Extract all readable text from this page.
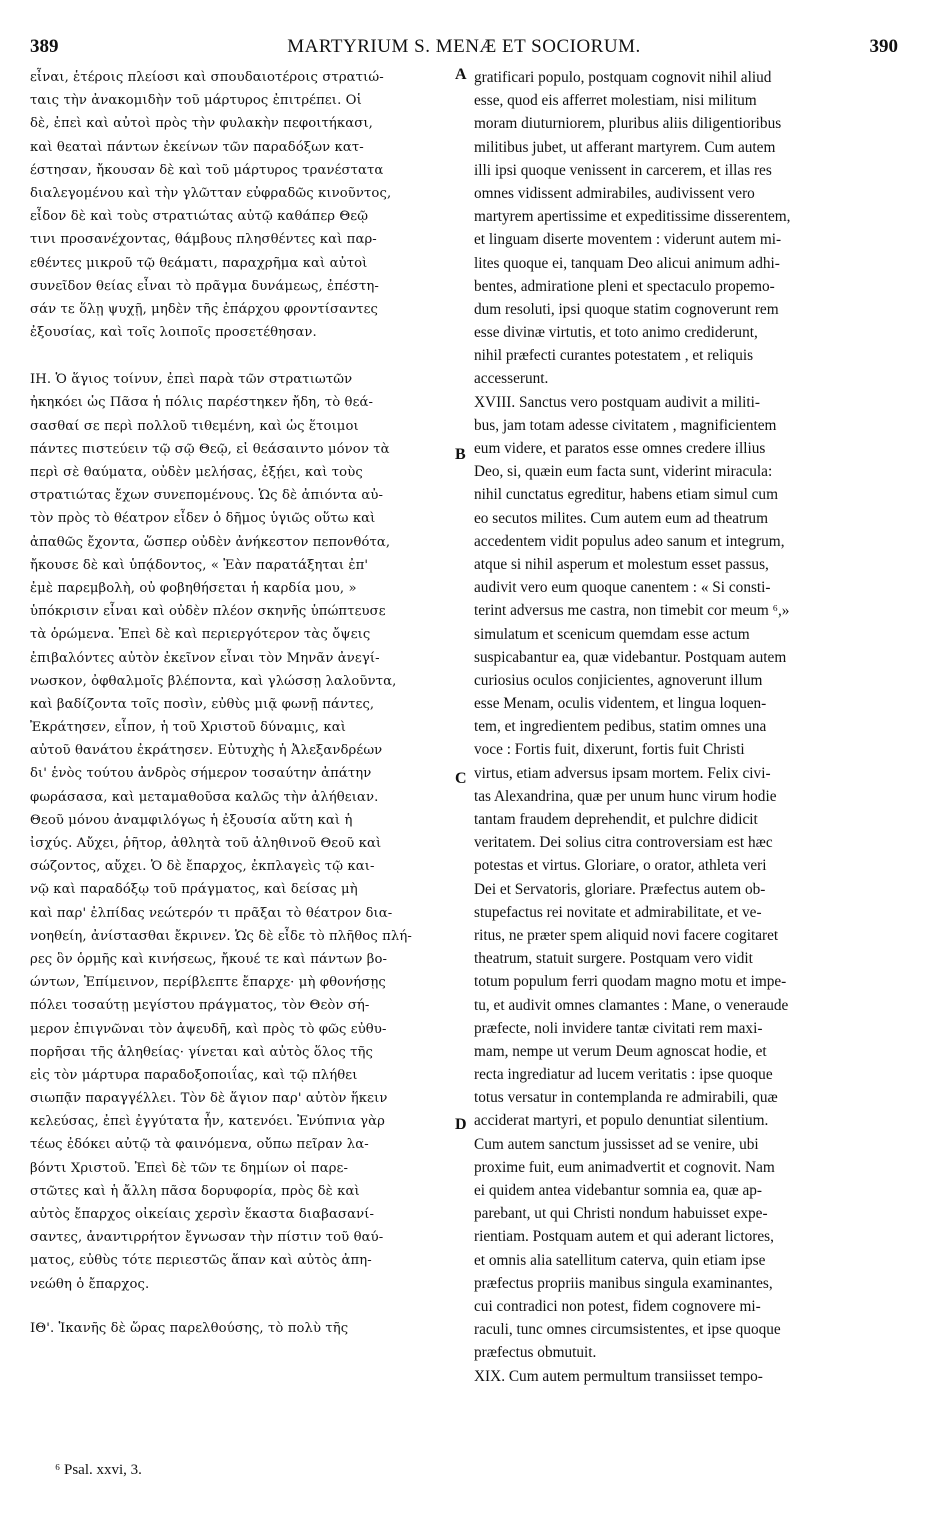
389	MARTYRIUM S. MENÆ ET SOCIORUM.	390
εἶναι, ἑτέροις πλείοσι καὶ σπουδαιοτέροις στρατιώ-
ταις τὴν ἀνακομιδὴν τοῦ μάρτυρος ἐπιτρέπει. Οἱ
δὲ, ἐπεὶ καὶ αὐτοὶ πρὸς τὴν φυλακὴν πεφοιτήκασι,
καὶ θεαταὶ πάντων ἐκείνων τῶν παραδόξων κατ-
έστησαν, ἤκουσαν δὲ καὶ τοῦ μάρτυρος τρανέστατα
διαλεγομένου καὶ τὴν γλῶτταν εὐφραδῶς κινοῦντος,
εἶδον δὲ καὶ τοὺς στρατιώτας αὐτῷ καθάπερ Θεῷ
τινι προσανέχοντας, θάμβους πλησθέντες καὶ παρ-
εθέντες μικροῦ τῷ θεάματι, παραχρῆμα καὶ αὐτοὶ
συνεῖδον θείας εἶναι τὸ πρᾶγμα δυνάμεως, ἐπέστη-
σάν τε ὅλῃ ψυχῇ, μηδὲν τῆς ἐπάρχου φροντίσαντες
ἐξουσίας, καὶ τοῖς λοιποῖς προσετέθησαν.
ΙΗ. Ὁ ἅγιος τοίνυν, ἐπεὶ παρὰ τῶν στρατιωτῶν
ἠκηκόει ὡς Πᾶσα ἡ πόλις παρέστηκεν ἤδη, τὸ θεά-
σασθαί σε περὶ πολλοῦ τιθεμένη, καὶ ὡς ἕτοιμοι
πάντες πιστεύειν τῷ σῷ Θεῷ, εἰ θεάσαιντο μόνον τὰ
περὶ σὲ θαύματα, οὐδὲν μελήσας, ἐξῄει, καὶ τοὺς
στρατιώτας ἔχων συνεπομένους. Ὡς δὲ ἀπιόντα αὐ-
τὸν πρὸς τὸ θέατρον εἶδεν ὁ δῆμος ὑγιῶς οὕτω καὶ
ἀπαθῶς ἔχοντα, ὥσπερ οὐδὲν ἀνήκεστον πεπονθότα,
ἤκουσε δὲ καὶ ὑπᾴδοντος, « Ἐὰν παρατάξηται ἐπ'
ἐμὲ παρεμβολὴ, οὐ φοβηθήσεται ἡ καρδία μου, »
ὑπόκρισιν εἶναι καὶ οὐδὲν πλέον σκηνῆς ὑπώπτευσε
τὰ ὁρώμενα. Ἐπεὶ δὲ καὶ περιεργότερον τὰς ὄψεις
ἐπιβαλόντες αὐτὸν ἐκεῖνον εἶναι τὸν Μηνᾶν ἀνεγί-
νωσκον, ὀφθαλμοῖς βλέποντα, καὶ γλώσσῃ λαλοῦντα,
καὶ βαδίζοντα τοῖς ποσὶν, εὐθὺς μιᾷ φωνῇ πάντες,
Ἐκράτησεν, εἶπον, ἡ τοῦ Χριστοῦ δύναμις, καὶ
αὐτοῦ θανάτου ἐκράτησεν. Εὐτυχὴς ἡ Ἀλεξανδρέων
δι' ἑνὸς τούτου ἀνδρὸς σήμερον τοσαύτην ἀπάτην
φωράσασα, καὶ μεταμαθοῦσα καλῶς τὴν ἀλήθειαν.
Θεοῦ μόνου ἀναμφιλόγως ἡ ἐξουσία αὕτη καὶ ἡ
ἰσχύς. Αὔχει, ῥῆτορ, ἀθλητὰ τοῦ ἀληθινοῦ Θεοῦ καὶ
σώζοντος, αὔχει. Ὁ δὲ ἔπαρχος, ἐκπλαγεὶς τῷ και-
νῷ καὶ παραδόξῳ τοῦ πράγματος, καὶ δείσας μὴ
καὶ παρ' ἐλπίδας νεώτερόν τι πρᾶξαι τὸ θέατρον δια-
νοηθείη, ἀνίστασθαι ἔκρινεν. Ὡς δὲ εἶδε τὸ πλῆθος πλή-
ρες ὃν ὁρμῆς καὶ κινήσεως, ἤκουέ τε καὶ πάντων βο-
ώντων, Ἐπίμεινον, περίβλεπτε ἔπαρχε· μὴ φθονήσῃς
πόλει τοσαύτῃ μεγίστου πράγματος, τὸν Θεὸν σή-
μερον ἐπιγνῶναι τὸν ἀψευδῆ, καὶ πρὸς τὸ φῶς εὐθυ-
πορῆσαι τῆς ἀληθείας· γίνεται καὶ αὐτὸς ὅλος τῆς
εἰς τὸν μάρτυρα παραδοξοποιΐας, καὶ τῷ πλήθει
σιωπᾷν παραγγέλλει. Τὸν δὲ ἅγιον παρ' αὐτὸν ἥκειν
κελεύσας, ἐπεὶ ἐγγύτατα ἦν, κατενόει. Ἐνύπνια γὰρ
τέως ἐδόκει αὐτῷ τὰ φαινόμενα, οὔπω πεῖραν λα-
βόντι Χριστοῦ. Ἐπεὶ δὲ τῶν τε δημίων οἱ παρε-
στῶτες καὶ ἡ ἄλλη πᾶσα δορυφορία, πρὸς δὲ καὶ
αὐτὸς ἔπαρχος οἰκείαις χερσὶν ἕκαστα διαβασανί-
σαντες, ἀναντιρρήτον ἔγνωσαν τὴν πίστιν τοῦ θαύ-
ματος, εὐθὺς τότε περιεστῶς ἅπαν καὶ αὐτὸς ἀπη-
νεώθη ὁ ἔπαρχος.
ΙΘ'. Ἱκανῆς δὲ ὥρας παρελθούσης, τὸ πολὺ τῆς
gratificari populo, postquam cognovit nihil aliud
esse, quod eis afferret molestiam, nisi militum
moram diuturniorem, pluribus aliis diligentioribus
militibus jubet, ut afferant martyrem. Cum autem
illi ipsi quoque venissent in carcerem, et illas res
omnes vidissent admirabiles, audivissent vero
martyrem apertissime et expeditissime disserentem,
et linguam diserte moventem : viderunt autem mi-
lites quoque ei, tanquam Deo alicui animum adhi-
bentes, admiratione pleni et spectaculo propemo-
dum resoluti, ipsi quoque statim cognoverunt rem
esse divinæ virtutis, et toto animo crediderunt,
nihil præfecti curantes potestatem , et reliquis
accesserunt.
XVIII. Sanctus vero postquam audivit a militi-
bus, jam totam adesse civitatem , magnificientem
eum videre, et paratos esse omnes credere illius
Deo, si, quæin eum facta sunt, viderint miracula:
nihil cunctatus egreditur, habens etiam simul cum
eo secutos milites. Cum autem eum ad theatrum
accedentem vidit populus adeo sanum et integrum,
atque si nihil asperum et molestum esset passus,
audivit vero eum quoque canentem : « Si consti-
terint adversus me castra, non timebit cor meum ⁶,»
simulatum et scenicum quemdam esse actum
suspicabantur ea, quæ videbantur. Postquam autem
curiosius oculos conjicientes, agnoverunt illum
esse Menam, oculis videntem, et lingua loquen-
tem, et ingredientem pedibus, statim omnes una
voce : Fortis fuit, dixerunt, fortis fuit Christi
virtus, etiam adversus ipsam mortem. Felix civi-
tas Alexandrina, quæ per unum hunc virum hodie
tantam fraudem deprehendit, et pulchre didicit
veritatem. Dei solius citra controversiam est hæc
potestas et virtus. Gloriare, o orator, athleta veri
Dei et Servatoris, gloriare. Præfectus autem ob-
stupefactus rei novitate et admirabilitate, et ve-
ritus, ne præter spem aliquid novi facere cogitaret
theatrum, statuit surgere. Postquam vero vidit
totum populum ferri quodam magno motu et impe-
tu, et audivit omnes clamantes : Mane, o veneraude
præfecte, noli invidere tantæ civitati rem maxi-
mam, nempe ut verum Deum agnoscat hodie, et
recta ingrediatur ad lucem veritatis : ipse quoque
totus versatur in contemplanda re admirabili, quæ
acciderat martyri, et populo denuntiat silentium.
Cum autem sanctum jussisset ad se venire, ubi
proxime fuit, eum animadvertit et cognovit. Nam
ei quidem antea videbantur somnia ea, quæ ap-
parebant, ut qui Christi nondum habuisset expe-
rientiam. Postquam autem et qui aderant lictores,
et omnis alia satellitum caterva, quin etiam ipse
præfectus propriis manibus singula examinantes,
cui contradici non potest, fidem cognovere mi-
raculi, tunc omnes circumsistentes, et ipse quoque
præfectus obmutuit.
XIX. Cum autem permultum transiisset tempo-
A
B
C
D
⁶ Psal. xxvi, 3.
